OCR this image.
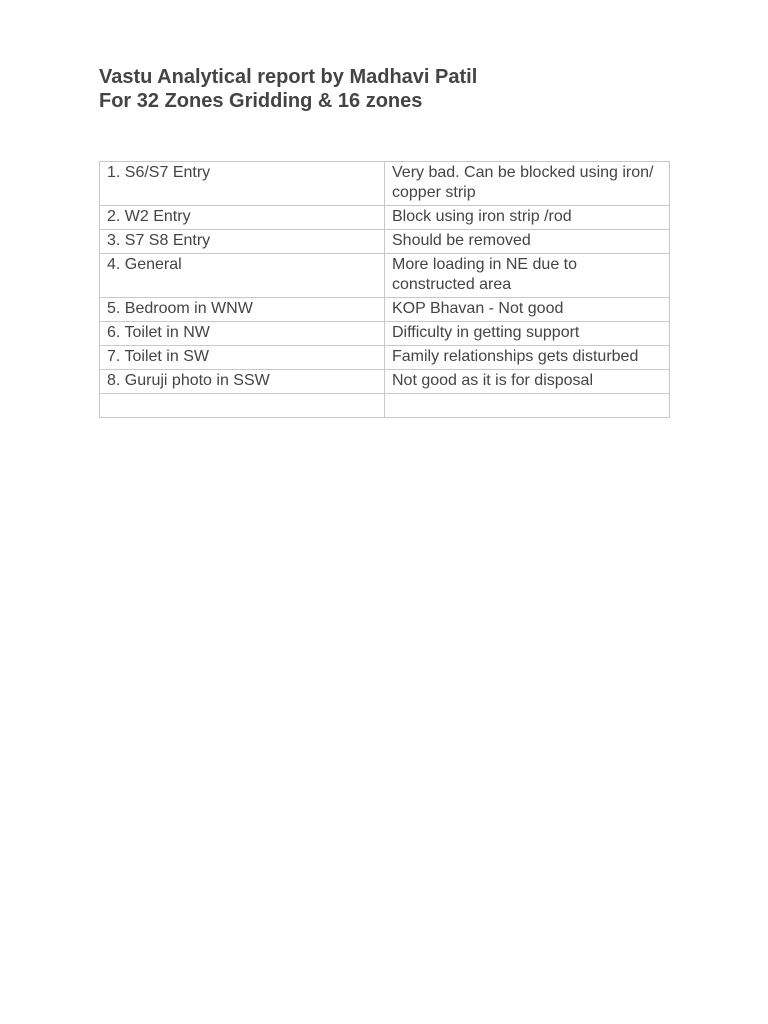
Vastu Analytical report by Madhavi Patil
For 32 Zones Gridding & 16 zones
1. S6/S7 Entry	Very bad. Can be blocked using iron/ copper strip
2. W2 Entry	Block using iron strip /rod
3. S7 S8 Entry	Should be removed
4. General	More loading in NE due to constructed area
5. Bedroom in WNW	KOP Bhavan - Not good
6. Toilet in NW	Difficulty in getting support
7. Toilet in SW	Family relationships gets disturbed
8. Guruji photo in SSW	Not good as it is for disposal
